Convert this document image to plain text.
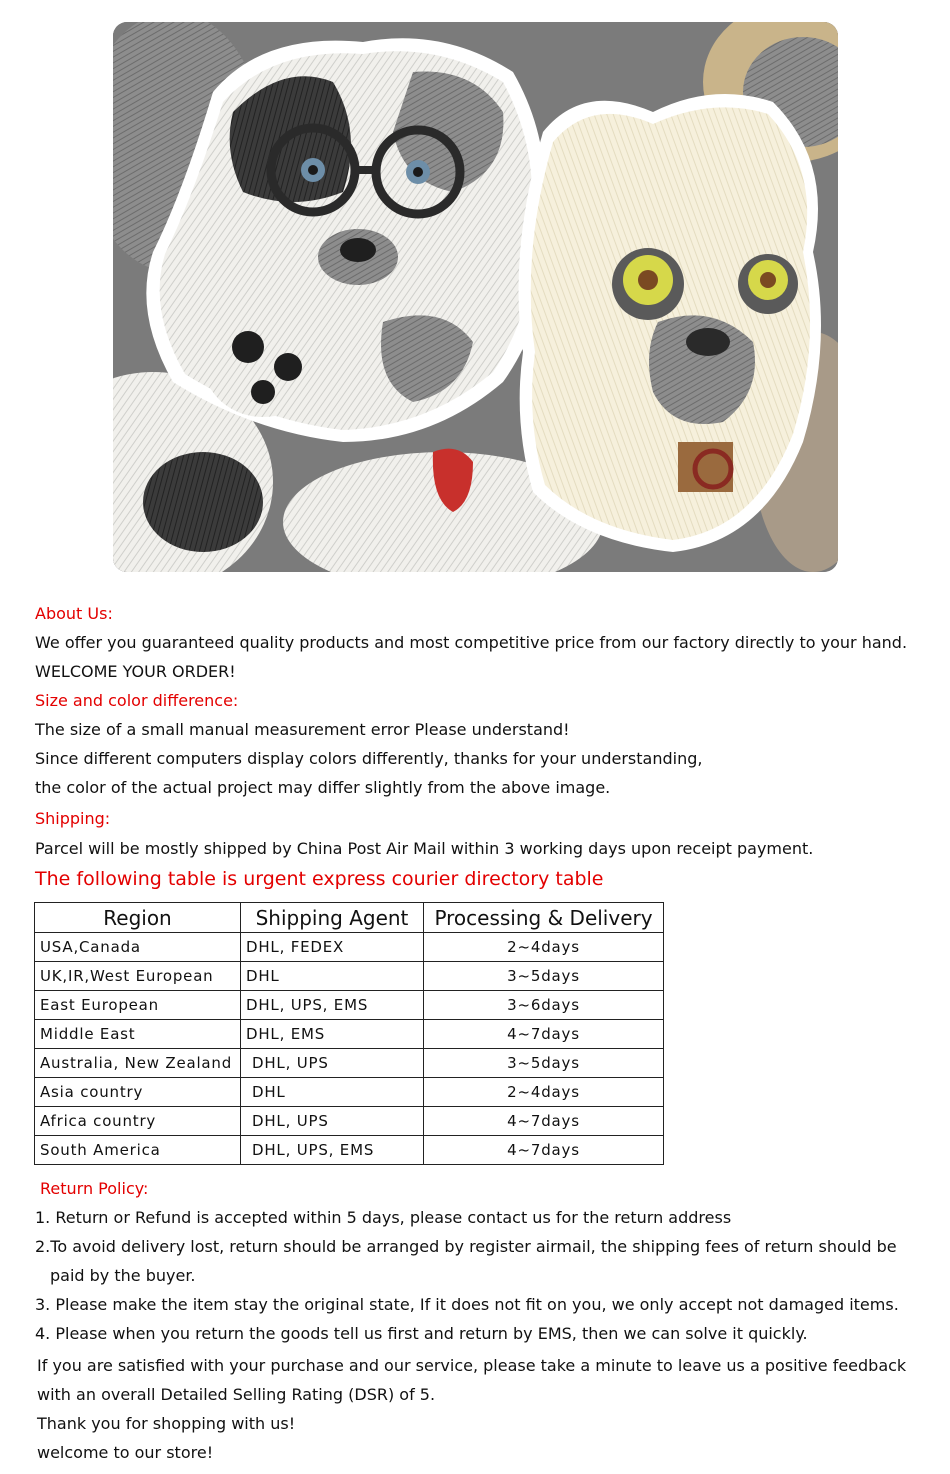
About Us:
We offer you guaranteed quality products and most competitive price from our factory directly to your hand.
WELCOME YOUR ORDER!
Size and color difference:
The size of a small manual measurement error Please understand!
Since different computers display colors differently, thanks for your understanding,
the color of the actual project may differ slightly from the above image.
Shipping:
Parcel will be mostly shipped by China Post Air Mail within 3 working days upon receipt payment.
The following table is urgent express courier directory table
Region	Shipping Agent	Processing & Delivery
USA,Canada	DHL, FEDEX	2~4days
UK,IR,West European	DHL	3~5days
East European	DHL, UPS, EMS	3~6days
Middle East	DHL, EMS	4~7days
Australia, New Zealand	DHL, UPS	3~5days
Asia country	DHL	2~4days
Africa country	DHL, UPS	4~7days
South America	DHL, UPS, EMS	4~7days
Return Policy:
1. Return or Refund is accepted within 5 days, please contact us for the return address
2.To avoid delivery lost, return should be arranged by register airmail, the shipping fees of return should be
paid by the buyer.
3. Please make the item stay the original state, If it does not fit on you, we only accept not damaged items.
4. Please when you return the goods tell us first and return by EMS, then we can solve it quickly.
If you are satisfied with your purchase and our service, please take a minute to leave us a positive feedback
with an overall Detailed Selling Rating (DSR) of 5.
Thank you for shopping with us!
welcome to our store!
